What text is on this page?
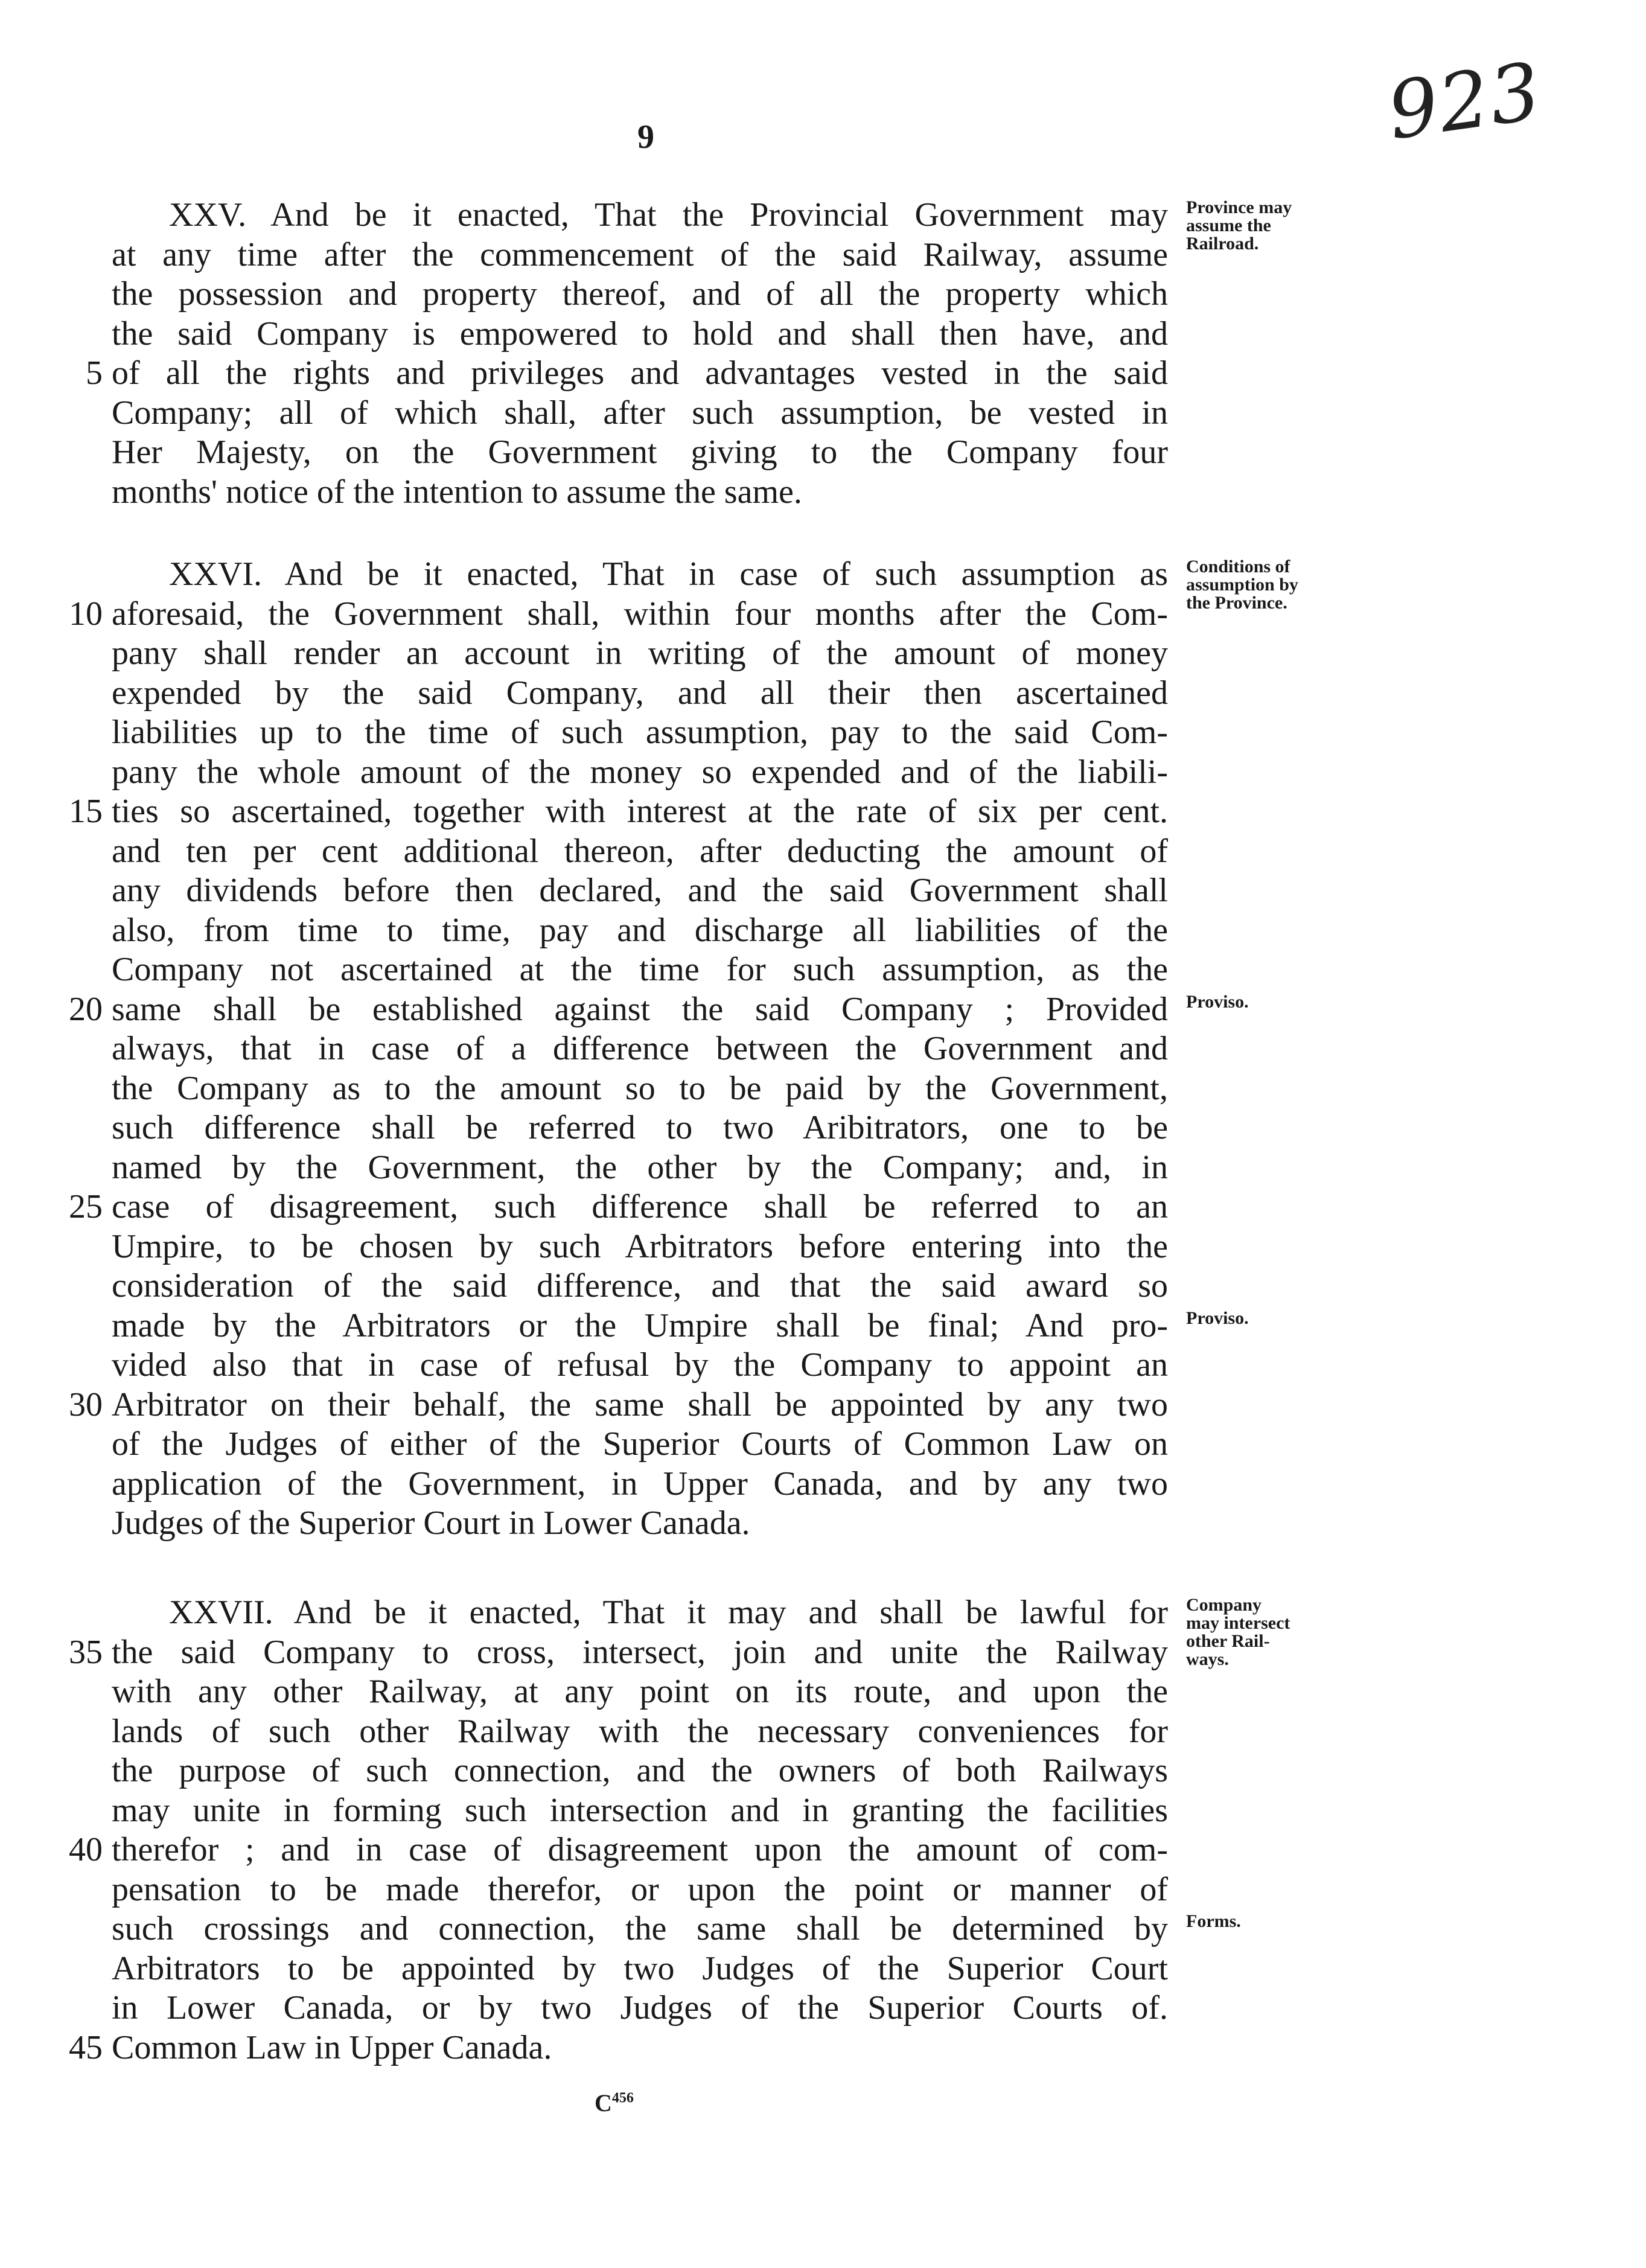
9	923
XXV. And be it enacted, That the Provincial Government may
at any time after the commencement of the said Railway, assume
the possession and property thereof, and of all the property which
the said Company is empowered to hold and shall then have, and
5 of all the rights and privileges and advantages vested in the said
Company; all of which shall, after such assumption, be vested in
Her Majesty, on the Government giving to the Company four
months' notice of the intention to assume the same.
Province may
assume the
Railroad.
XXVI. And be it enacted, That in case of such assumption as
10 aforesaid, the Government shall, within four months after the Com-
pany shall render an account in writing of the amount of money
expended by the said Company, and all their then ascertained
liabilities up to the time of such assumption, pay to the said Com-
pany the whole amount of the money so expended and of the liabili-
15 ties so ascertained, together with interest at the rate of six per cent.
and ten per cent additional thereon, after deducting the amount of
any dividends before then declared, and the said Government shall
also, from time to time, pay and discharge all liabilities of the
Company not ascertained at the time for such assumption, as the
20 same shall be established against the said Company ; Provided
always, that in case of a difference between the Government and
the Company as to the amount so to be paid by the Government,
such difference shall be referred to two Aribitrators, one to be
named by the Government, the other by the Company; and, in
25 case of disagreement, such difference shall be referred to an
Umpire, to be chosen by such Arbitrators before entering into the
consideration of the said difference, and that the said award so
made by the Arbitrators or the Umpire shall be final; And pro-
vided also that in case of refusal by the Company to appoint an
30 Arbitrator on their behalf, the same shall be appointed by any two
of the Judges of either of the Superior Courts of Common Law on
application of the Government, in Upper Canada, and by any two
Judges of the Superior Court in Lower Canada.
Conditions of
assumption by
the Province.
Proviso.
Proviso.
XXVII. And be it enacted, That it may and shall be lawful for
35 the said Company to cross, intersect, join and unite the Railway
with any other Railway, at any point on its route, and upon the
lands of such other Railway with the necessary conveniences for
the purpose of such connection, and the owners of both Railways
may unite in forming such intersection and in granting the facilities
40 therefor ; and in case of disagreement upon the amount of com-
pensation to be made therefor, or upon the point or manner of
such crossings and connection, the same shall be determined by
Arbitrators to be appointed by two Judges of the Superior Court
in Lower Canada, or by two Judges of the Superior Courts of.
45 Common Law in Upper Canada.
Company
may intersect
other Rail-
ways.
Forms.
$C^{456}$
